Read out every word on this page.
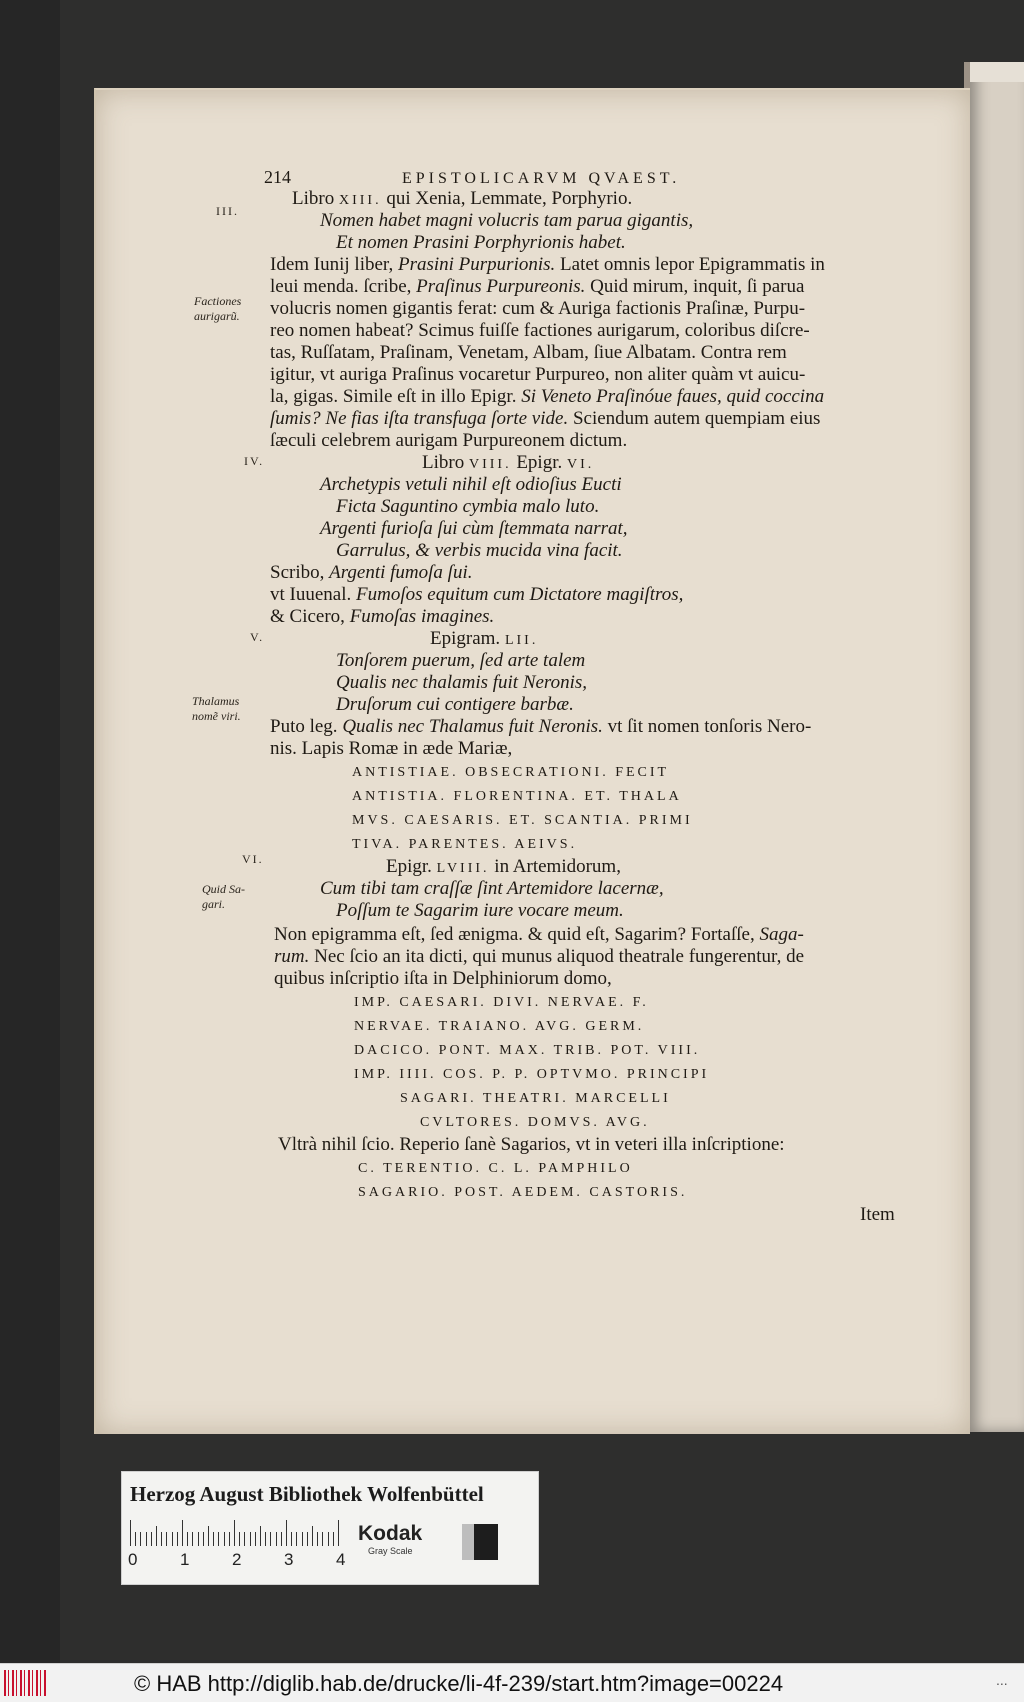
214	EPISTOLICARVM QVAEST.
Libro XIII. qui Xenia, Lemmate, Porphyrio.
Nomen habet magni volucris tam parua gigantis,
Et nomen Prasini Porphyrionis habet.
Idem Iunij liber, Prasini Purpurionis. Latet omnis lepor Epigrammatis in
leui menda. ſcribe, Praſinus Purpureonis. Quid mirum, inquit, ſi parua
volucris nomen gigantis ferat: cum & Auriga factionis Praſinæ, Purpu-
reo nomen habeat? Scimus fuiſſe factiones aurigarum, coloribus diſcre-
tas, Ruſſatam, Praſinam, Venetam, Albam, ſiue Albatam. Contra rem
igitur, vt auriga Praſinus vocaretur Purpureo, non aliter quàm vt auicu-
la, gigas. Simile eſt in illo Epigr. Si Veneto Praſinóue faues, quid coccina
ſumis? Ne fias iſta transfuga ſorte vide. Sciendum autem quempiam eius
ſæculi celebrem aurigam Purpureonem dictum.
Libro VIII. Epigr. VI.
Archetypis vetuli nihil eſt odioſius Eucti
Ficta Saguntino cymbia malo luto.
Argenti furioſa ſui cùm ſtemmata narrat,
Garrulus, & verbis mucida vina facit.
Scribo, Argenti fumoſa ſui.
vt Iuuenal. Fumoſos equitum cum Dictatore magiſtros,
& Cicero, Fumoſas imagines.
Epigram. LII.
Tonſorem puerum, ſed arte talem
Qualis nec thalamis fuit Neronis,
Druſorum cui contigere barbæ.
Puto leg. Qualis nec Thalamus fuit Neronis. vt ſit nomen tonſoris Nero-
nis. Lapis Romæ in æde Mariæ,
ANTISTIAE. OBSECRATIONI. FECIT
ANTISTIA. FLORENTINA. ET. THALA
MVS. CAESARIS. ET. SCANTIA. PRIMI
TIVA. PARENTES. AEIVS.
Epigr. LVIII. in Artemidorum,
Cum tibi tam craſſæ ſint Artemidore lacernæ,
Poſſum te Sagarim iure vocare meum.
Non epigramma eſt, ſed ænigma. & quid eſt, Sagarim? Fortaſſe, Saga-
rum. Nec ſcio an ita dicti, qui munus aliquod theatrale fungerentur, de
quibus inſcriptio iſta in Delphiniorum domo,
IMP. CAESARI. DIVI. NERVAE. F.
NERVAE. TRAIANO. AVG. GERM.
DACICO. PONT. MAX. TRIB. POT. VIII.
IMP. IIII. COS. P. P. OPTVMO. PRINCIPI
SAGARI. THEATRI. MARCELLI
CVLTORES. DOMVS. AVG.
Vltrà nihil ſcio. Reperio ſanè Sagarios, vt in veteri illa inſcriptione:
C. TERENTIO. C. L. PAMPHILO
SAGARIO. POST. AEDEM. CASTORIS.
Item
III.
IV.
V.
VI.
Factiones
aurigarũ.
Thalamus
nomẽ viri.
Quid Sa-
gari.
Herzog August Bibliothek Wolfenbüttel
0	1	2	3	4
Kodak
Gray Scale
© HAB http://diglib.hab.de/drucke/li-4f-239/start.htm?image=00224	...
